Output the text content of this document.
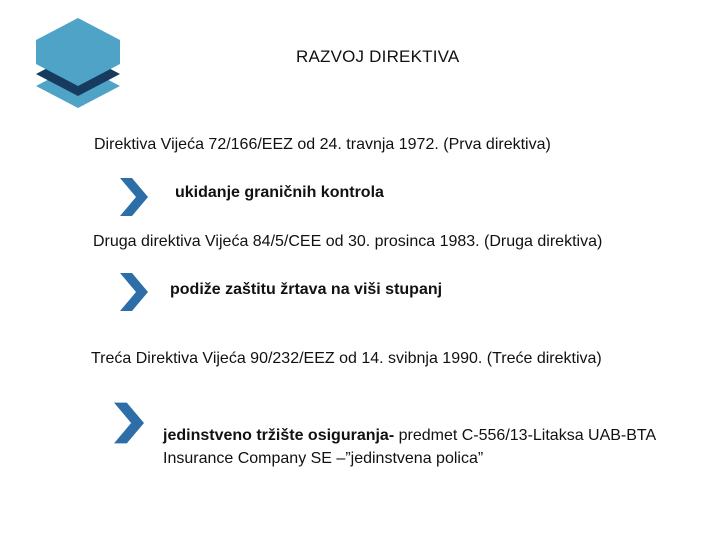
RAZVOJ DIREKTIVA
Direktiva Vijeća 72/166/EEZ od 24. travnja 1972. (Prva direktiva)
ukidanje graničnih kontrola
Druga direktiva Vijeća 84/5/CEE od 30. prosinca 1983. (Druga direktiva)
podiže zaštitu žrtava na viši stupanj
Treća Direktiva Vijeća 90/232/EEZ od 14. svibnja 1990. (Treće direktiva)
jedinstveno tržište osiguranja- predmet C-556/13-Litaksa UAB-BTA Insurance Company SE –”jedinstvena polica”
